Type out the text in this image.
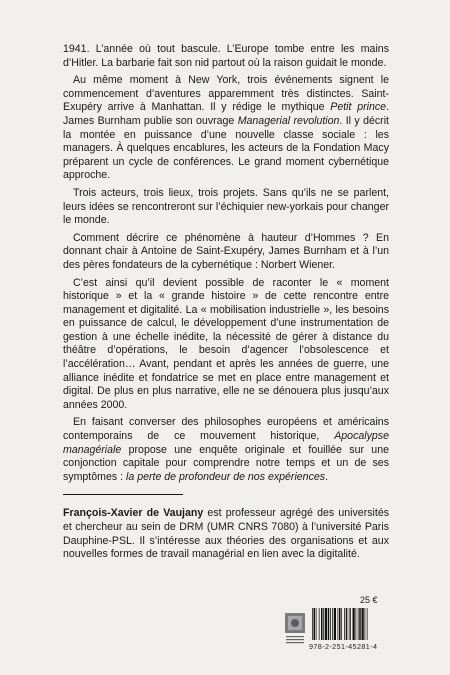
1941. L’année où tout bascule. L’Europe tombe entre les mains d’Hitler. La barbarie fait son nid partout où la raison guidait le monde.

Au même moment à New York, trois événements signent le commencement d’aventures apparemment très distinctes. Saint-Exupéry arrive à Manhattan. Il y rédige le mythique Petit prince. James Burnham publie son ouvrage Managerial revolution. Il y décrit la montée en puissance d’une nouvelle classe sociale : les managers. À quelques encablures, les acteurs de la Fondation Macy préparent un cycle de conférences. Le grand moment cybernétique approche.

Trois acteurs, trois lieux, trois projets. Sans qu’ils ne se parlent, leurs idées se rencontreront sur l’échiquier new-yorkais pour changer le monde.

Comment décrire ce phénomène à hauteur d’Hommes ? En donnant chair à Antoine de Saint-Exupéry, James Burnham et à l’un des pères fondateurs de la cybernétique : Norbert Wiener.

C’est ainsi qu’il devient possible de raconter le « moment historique » et la « grande histoire » de cette rencontre entre management et digitalité. La « mobilisation industrielle », les besoins en puissance de calcul, le développement d’une instrumentation de gestion à une échelle inédite, la nécessité de gérer à distance du théâtre d’opérations, le besoin d’agencer l’obsolescence et l’accélération… Avant, pendant et après les années de guerre, une alliance inédite et fondatrice se met en place entre management et digital. De plus en plus narrative, elle ne se dénouera plus jusqu’aux années 2000.

En faisant converser des philosophes européens et américains contemporains de ce mouvement historique, Apocalypse managériale propose une enquête originale et fouillée sur une conjonction capitale pour comprendre notre temps et un de ses symptômes : la perte de profondeur de nos expériences.

François-Xavier de Vaujany est professeur agrégé des universités et chercheur au sein de DRM (UMR CNRS 7080) à l’université Paris Dauphine-PSL. Il s’intéresse aux théories des organisations et aux nouvelles formes de travail managérial en lien avec la digitalité.

25 €
978-2-251-45281-4
